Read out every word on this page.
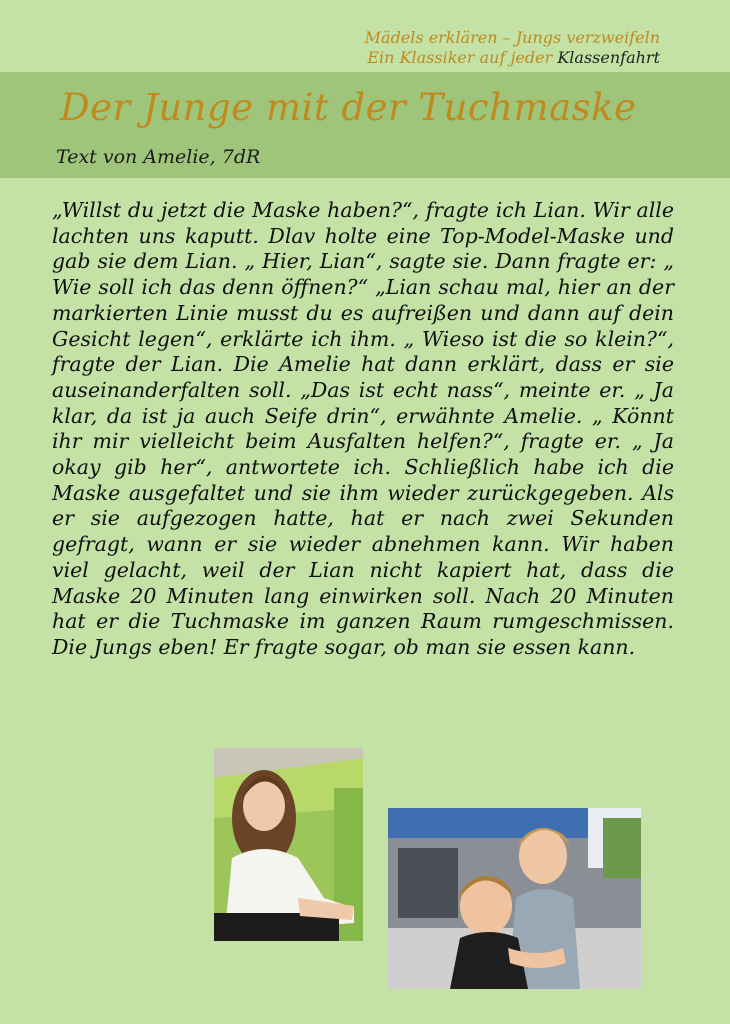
Mädels erklären – Jungs verzweifeln
Ein Klassiker auf jeder Klassenfahrt
Der Junge mit der Tuchmaske
Text von Amelie, 7dR

„Willst du jetzt die Maske haben?“, fragte ich Lian. Wir alle lachten uns kaputt. Dlav holte eine Top-Model-Maske und gab sie dem Lian. „ Hier, Lian“, sagte sie. Dann fragte er: „ Wie soll ich das denn öffnen?“ „Lian schau mal, hier an der markierten Linie musst du es aufreißen und dann auf dein Gesicht legen“, erklärte ich ihm. „ Wieso ist die so klein?“, fragte der Lian. Die Amelie hat dann erklärt, dass er sie auseinanderfalten soll. „Das ist echt nass“, meinte er. „ Ja klar, da ist ja auch Seife drin“, erwähnte Amelie. „ Könnt ihr mir vielleicht beim Ausfalten helfen?“, fragte er. „ Ja okay gib her“, antwortete ich. Schließlich habe ich die Maske ausgefaltet und sie ihm wieder zurückgegeben. Als er sie aufgezogen hatte, hat er nach zwei Sekunden gefragt, wann er sie wieder abnehmen kann. Wir haben viel gelacht, weil der Lian nicht kapiert hat, dass die Maske 20 Minuten lang einwirken soll. Nach 20 Minuten hat er die Tuchmaske im ganzen Raum rumgeschmissen. Die Jungs eben! Er fragte sogar, ob man sie essen kann.
